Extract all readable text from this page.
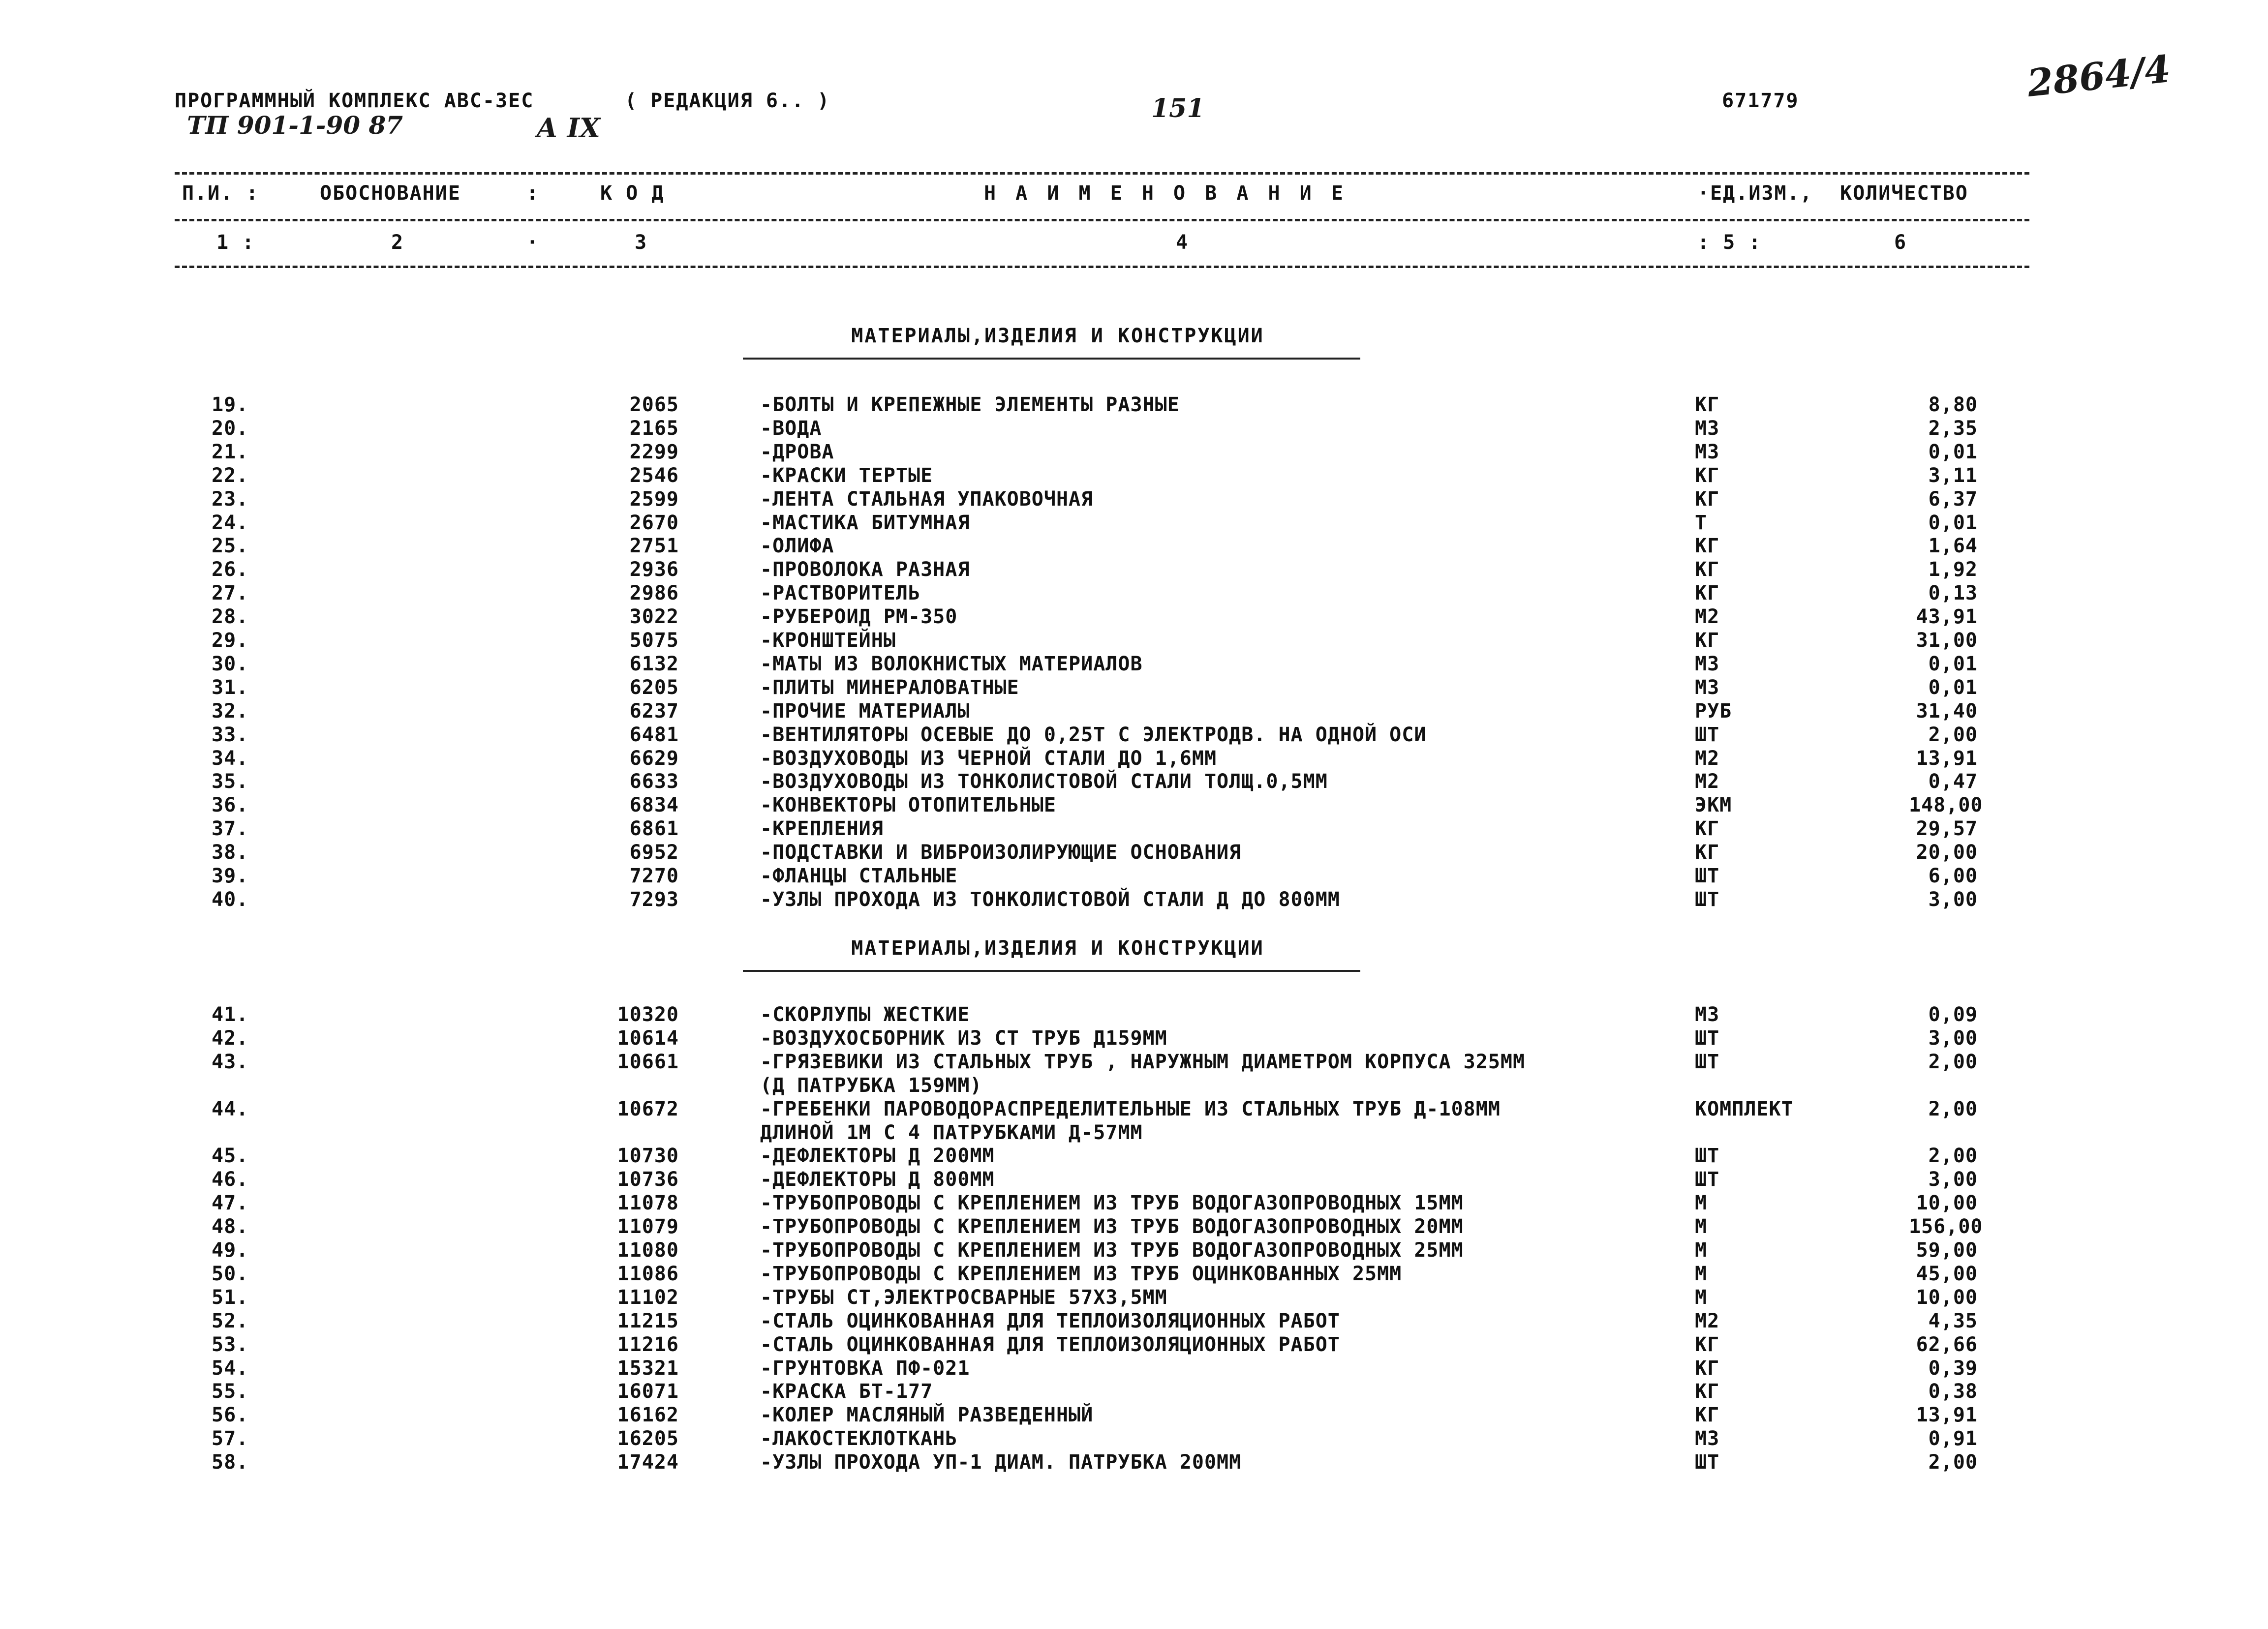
ПРОГРАММНЫЙ КОМПЛЕКС АВС-ЗЕС	( РЕДАКЦИЯ 6.. )	151	671779	2864/4
ТП 901-1-90 87	А IX
П.И. :	ОБОСНОВАНИЕ	:	К О Д	Н А И М Е Н О В А Н И Е	·ЕД.ИЗМ., КОЛИЧЕСТВО
1 :	2	·	3	4	: 5 :	6
МАТЕРИАЛЫ,ИЗДЕЛИЯ И КОНСТРУКЦИИ
19.	2065	-БОЛТЫ И КРЕПЕЖНЫЕ ЭЛЕМЕНТЫ РАЗНЫЕ	КГ	8,80
20.	2165	-ВОДА	М3	2,35
21.	2299	-ДРОВА	М3	0,01
22.	2546	-КРАСКИ ТЕРТЫЕ	КГ	3,11
23.	2599	-ЛЕНТА СТАЛЬНАЯ УПАКОВОЧНАЯ	КГ	6,37
24.	2670	-МАСТИКА БИТУМНАЯ	Т	0,01
25.	2751	-ОЛИФА	КГ	1,64
26.	2936	-ПРОВОЛОКА РАЗНАЯ	КГ	1,92
27.	2986	-РАСТВОРИТЕЛЬ	КГ	0,13
28.	3022	-РУБЕРОИД РМ-350	М2	43,91
29.	5075	-КРОНШТЕЙНЫ	КГ	31,00
30.	6132	-МАТЫ ИЗ ВОЛОКНИСТЫХ МАТЕРИАЛОВ	М3	0,01
31.	6205	-ПЛИТЫ МИНЕРАЛОВАТНЫЕ	М3	0,01
32.	6237	-ПРОЧИЕ МАТЕРИАЛЫ	РУБ	31,40
33.	6481	-ВЕНТИЛЯТОРЫ ОСЕВЫЕ ДО 0,25Т С ЭЛЕКТРОДВ. НА ОДНОЙ ОСИ	ШТ	2,00
34.	6629	-ВОЗДУХОВОДЫ ИЗ ЧЕРНОЙ СТАЛИ ДО 1,6ММ	М2	13,91
35.	6633	-ВОЗДУХОВОДЫ ИЗ ТОНКОЛИСТОВОЙ СТАЛИ ТОЛЩ.0,5ММ	М2	0,47
36.	6834	-КОНВЕКТОРЫ ОТОПИТЕЛЬНЫЕ	ЭКМ	148,00
37.	6861	-КРЕПЛЕНИЯ	КГ	29,57
38.	6952	-ПОДСТАВКИ И ВИБРОИЗОЛИРУЮЩИЕ ОСНОВАНИЯ	КГ	20,00
39.	7270	-ФЛАНЦЫ СТАЛЬНЫЕ	ШТ	6,00
40.	7293	-УЗЛЫ ПРОХОДА ИЗ ТОНКОЛИСТОВОЙ СТАЛИ Д ДО 800ММ	ШТ	3,00
МАТЕРИАЛЫ,ИЗДЕЛИЯ И КОНСТРУКЦИИ
41.	10320	-СКОРЛУПЫ ЖЕСТКИЕ	М3	0,09
42.	10614	-ВОЗДУХОСБОРНИК ИЗ СТ ТРУБ Д159ММ	ШТ	3,00
43.	10661	-ГРЯЗЕВИКИ ИЗ СТАЛЬНЫХ ТРУБ , НАРУЖНЫМ ДИАМЕТРОМ КОРПУСА 325ММ	ШТ	2,00
(Д ПАТРУБКА 159ММ)
44.	10672	-ГРЕБЕНКИ ПАРОВОДОРАСПРЕДЕЛИТЕЛЬНЫЕ ИЗ СТАЛЬНЫХ ТРУБ Д-108ММ	КОМПЛЕКТ	2,00
ДЛИНОЙ 1М С 4 ПАТРУБКАМИ Д-57ММ
45.	10730	-ДЕФЛЕКТОРЫ Д 200ММ	ШТ	2,00
46.	10736	-ДЕФЛЕКТОРЫ Д 800ММ	ШТ	3,00
47.	11078	-ТРУБОПРОВОДЫ С КРЕПЛЕНИЕМ ИЗ ТРУБ ВОДОГАЗОПРОВОДНЫХ 15ММ	М	10,00
48.	11079	-ТРУБОПРОВОДЫ С КРЕПЛЕНИЕМ ИЗ ТРУБ ВОДОГАЗОПРОВОДНЫХ 20ММ	М	156,00
49.	11080	-ТРУБОПРОВОДЫ С КРЕПЛЕНИЕМ ИЗ ТРУБ ВОДОГАЗОПРОВОДНЫХ 25ММ	М	59,00
50.	11086	-ТРУБОПРОВОДЫ С КРЕПЛЕНИЕМ ИЗ ТРУБ ОЦИНКОВАННЫХ 25ММ	М	45,00
51.	11102	-ТРУБЫ СТ,ЭЛЕКТРОСВАРНЫЕ 57Х3,5ММ	М	10,00
52.	11215	-СТАЛЬ ОЦИНКОВАННАЯ ДЛЯ ТЕПЛОИЗОЛЯЦИОННЫХ РАБОТ	М2	4,35
53.	11216	-СТАЛЬ ОЦИНКОВАННАЯ ДЛЯ ТЕПЛОИЗОЛЯЦИОННЫХ РАБОТ	КГ	62,66
54.	15321	-ГРУНТОВКА ПФ-021	КГ	0,39
55.	16071	-КРАСКА БТ-177	КГ	0,38
56.	16162	-КОЛЕР МАСЛЯНЫЙ РАЗВЕДЕННЫЙ	КГ	13,91
57.	16205	-ЛАКОСТЕКЛОТКАНЬ	М3	0,91
58.	17424	-УЗЛЫ ПРОХОДА УП-1 ДИАМ. ПАТРУБКА 200ММ	ШТ	2,00
